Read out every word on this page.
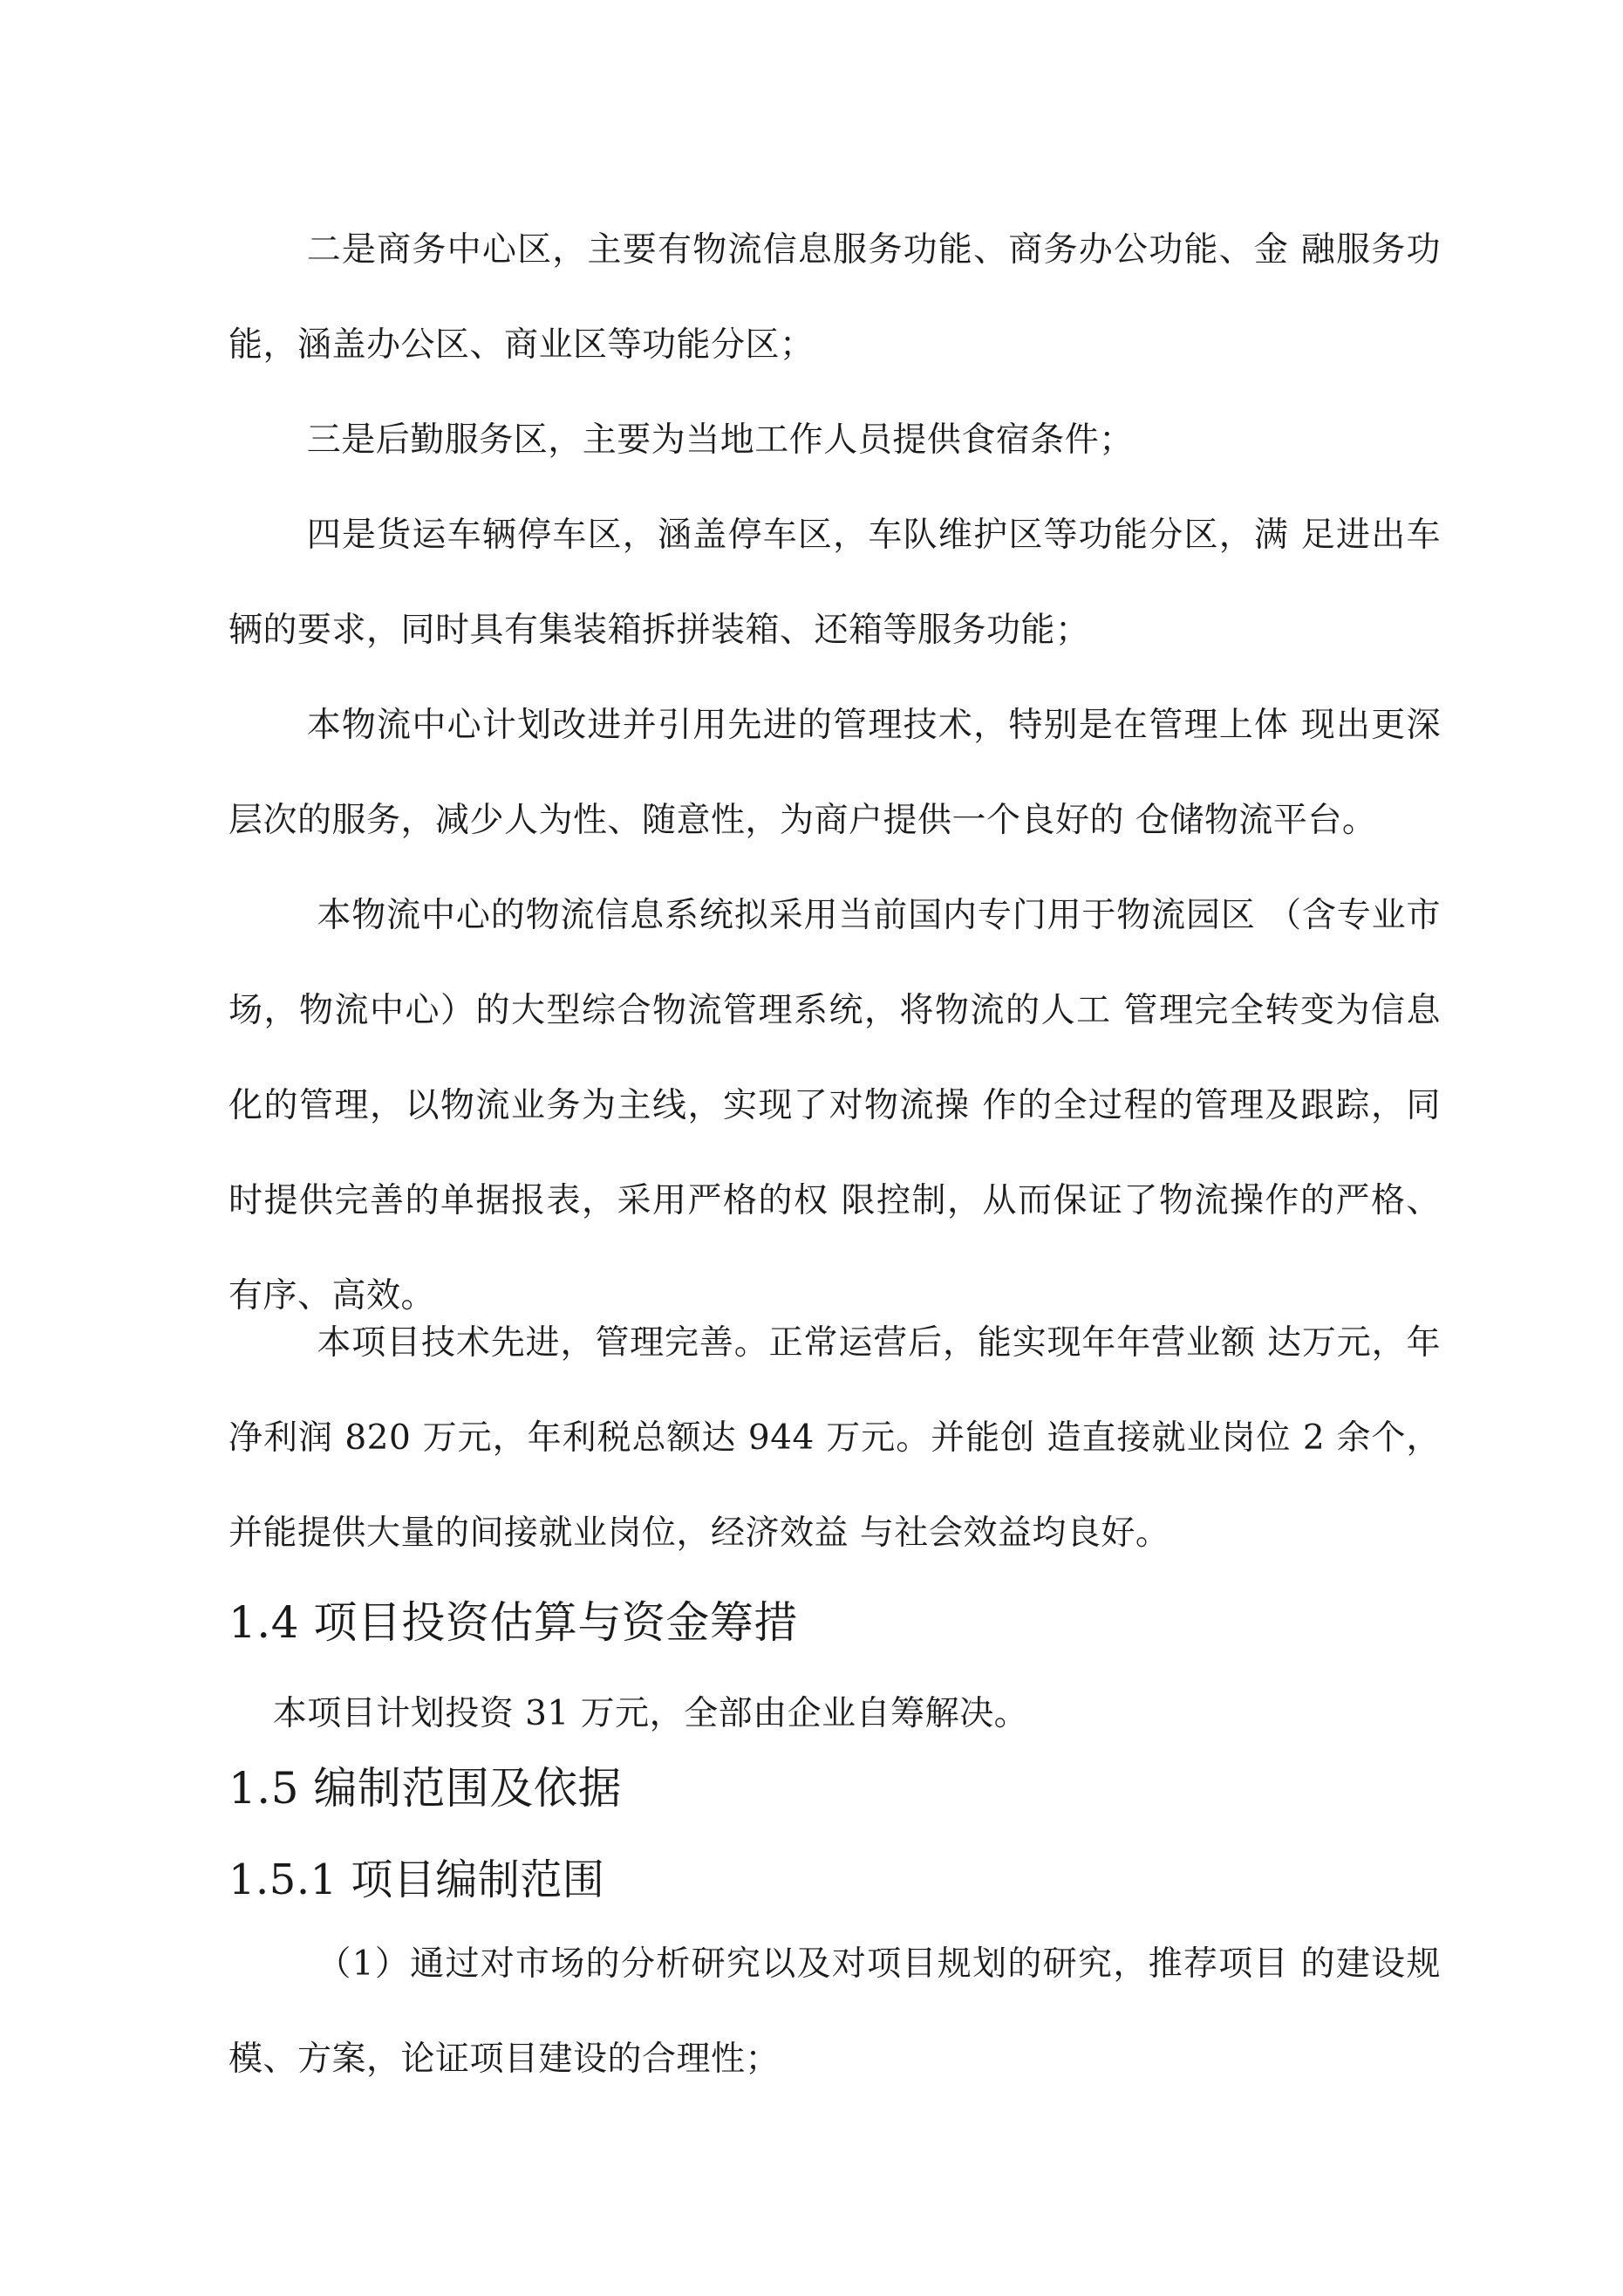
二是商务中心区，主要有物流信息服务功能、商务办公功能、金 融服务功能，涵盖办公区、商业区等功能分区；

三是后勤服务区，主要为当地工作人员提供食宿条件；

四是货运车辆停车区，涵盖停车区，车队维护区等功能分区，满 足进出车辆的要求，同时具有集装箱拆拼装箱、还箱等服务功能；

本物流中心计划改进并引用先进的管理技术，特别是在管理上体 现出更深层次的服务，减少人为性、随意性，为商户提供一个良好的 仓储物流平台。

本物流中心的物流信息系统拟采用当前国内专门用于物流园区 （含专业市场，物流中心）的大型综合物流管理系统，将物流的人工 管理完全转变为信息化的管理，以物流业务为主线，实现了对物流操 作的全过程的管理及跟踪，同时提供完善的单据报表，采用严格的权 限控制，从而保证了物流操作的严格、有序、高效。

本项目技术先进，管理完善。正常运营后，能实现年年营业额 达万元，年净利润 820 万元，年利税总额达 944 万元。并能创 造直接就业岗位 2 余个，并能提供大量的间接就业岗位，经济效益 与社会效益均良好。

1.4 项目投资估算与资金筹措

本项目计划投资 31 万元，全部由企业自筹解决。

1.5 编制范围及依据
1.5.1 项目编制范围

（1）通过对市场的分析研究以及对项目规划的研究，推荐项目 的建设规模、方案，论证项目建设的合理性；
